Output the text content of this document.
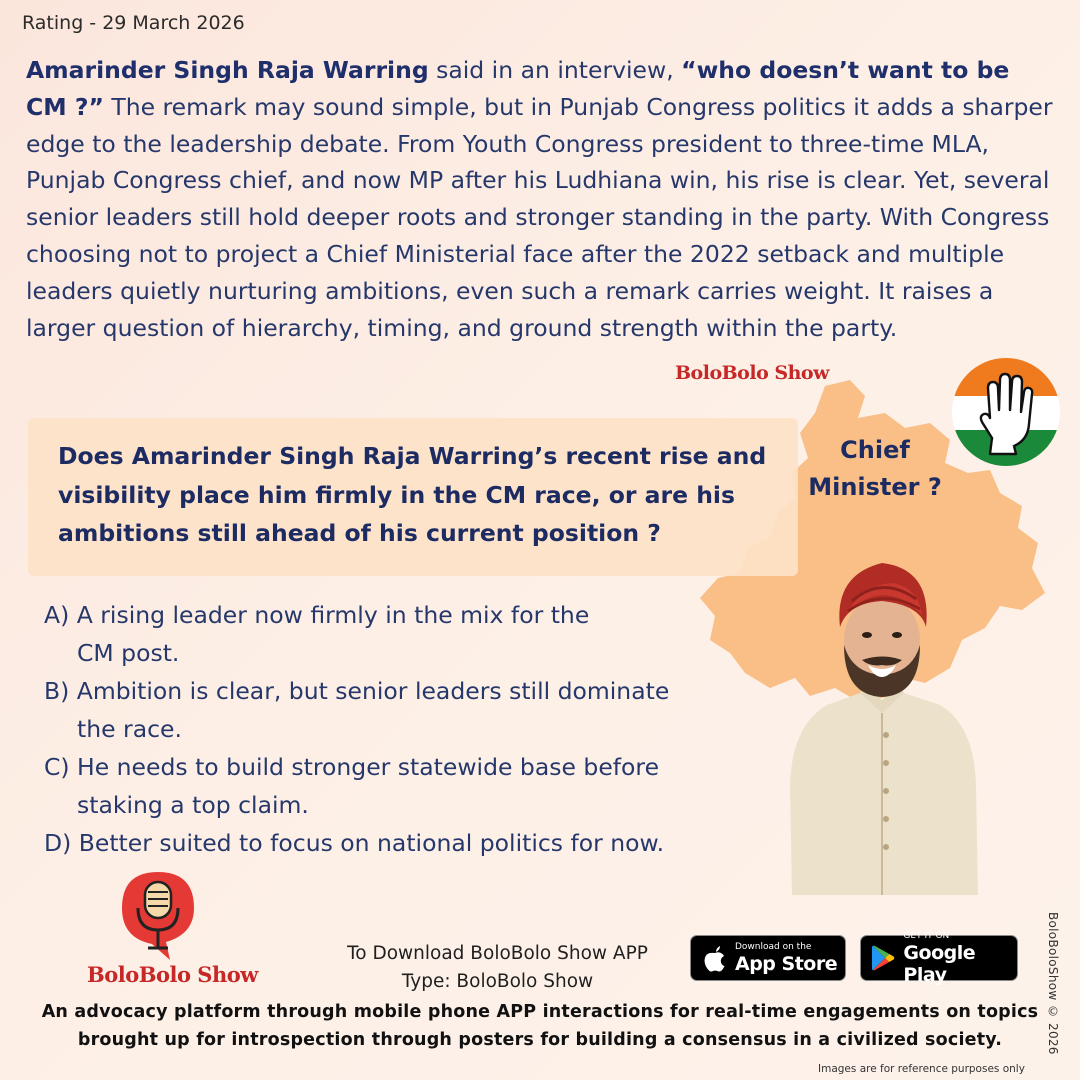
Rating - 29 March 2026
Amarinder Singh Raja Warring said in an interview, “who doesn’t want to be CM ?” The remark may sound simple, but in Punjab Congress politics it adds a sharper edge to the leadership debate. From Youth Congress president to three-time MLA, Punjab Congress chief, and now MP after his Ludhiana win, his rise is clear. Yet, several senior leaders still hold deeper roots and stronger standing in the party. With Congress choosing not to project a Chief Ministerial face after the 2022 setback and multiple leaders quietly nurturing ambitions, even such a remark carries weight. It raises a larger question of hierarchy, timing, and ground strength within the party.
BoloBolo Show
Does Amarinder Singh Raja Warring’s recent rise and visibility place him firmly in the CM race, or are his ambitions still ahead of his current position ?
Chief
Minister ?
A) A rising leader now firmly in the mix for the
CM post.
B) Ambition is clear, but senior leaders still dominate
the race.
C) He needs to build stronger statewide base before
staking a top claim.
D) Better suited to focus on national politics for now.
BoloBolo Show
To Download BoloBolo Show APP
Type: BoloBolo Show
Download on the
App Store
GET IT ON
Google Play
An advocacy platform through mobile phone APP interactions for real-time engagements on topics
brought up for introspection through posters for building a consensus in a civilized society.	BoloBoloShow © 2026
Images are for reference purposes only
